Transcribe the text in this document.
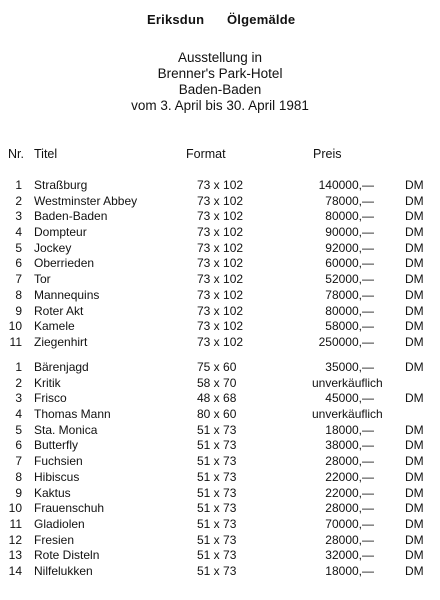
Eriksdun Ölgemälde
Ausstellung in
Brenner's Park-Hotel
Baden-Baden
vom 3. April bis 30. April 1981
Nr. Titel	Format	Preis
1 Straßburg	73 x 102	140000,—	DM
2 Westminster Abbey	73 x 102	78000,—	DM
3 Baden-Baden	73 x 102	80000,—	DM
4 Dompteur	73 x 102	90000,—	DM
5 Jockey	73 x 102	92000,—	DM
6 Oberrieden	73 x 102	60000,—	DM
7 Tor	73 x 102	52000,—	DM
8 Mannequins	73 x 102	78000,—	DM
9 Roter Akt	73 x 102	80000,—	DM
10 Kamele	73 x 102	58000,—	DM
11 Ziegenhirt	73 x 102	250000,—	DM
1 Bärenjagd	75 x 60	35000,—	DM
2 Kritik	58 x 70	unverkäuflich
3 Frisco	48 x 68	45000,—	DM
4 Thomas Mann	80 x 60	unverkäuflich
5 Sta. Monica	51 x 73	18000,—	DM
6 Butterfly	51 x 73	38000,—	DM
7 Fuchsien	51 x 73	28000,—	DM
8 Hibiscus	51 x 73	22000,—	DM
9 Kaktus	51 x 73	22000,—	DM
10 Frauenschuh	51 x 73	28000,—	DM
11 Gladiolen	51 x 73	70000,—	DM
12 Fresien	51 x 73	28000,—	DM
13 Rote Disteln	51 x 73	32000,—	DM
14 Nilfelukken	51 x 73	18000,—	DM
